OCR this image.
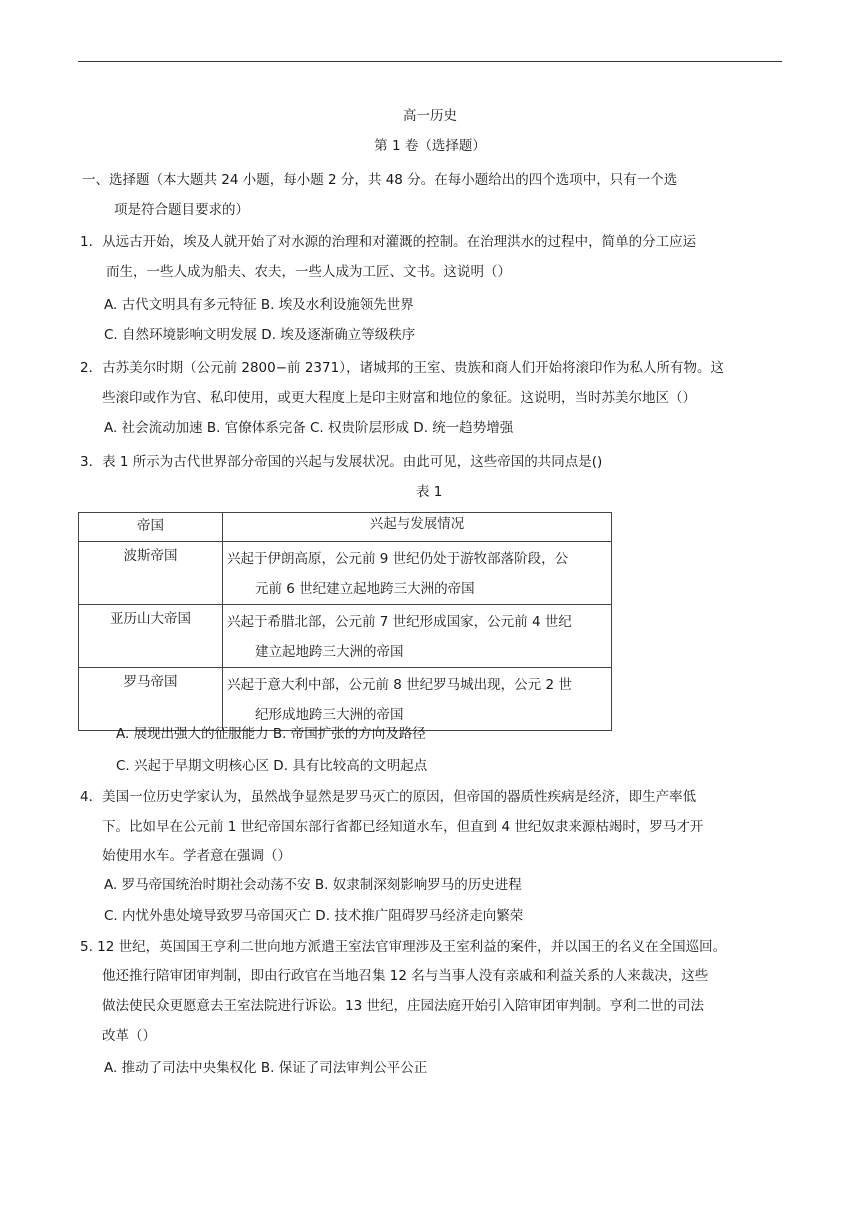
高一历史
第 1 卷（选择题）
一、选择题（本大题共 24 小题，每小题 2 分，共 48 分。在每小题给出的四个选项中，只有一个选
项是符合题目要求的）
1．从远古开始，埃及人就开始了对水源的治理和对灌溉的控制。在治理洪水的过程中，简单的分工应运
而生，一些人成为船夫、农夫，一些人成为工匠、文书。这说明（）
A. 古代文明具有多元特征 B. 埃及水利设施领先世界
C. 自然环境影响文明发展 D. 埃及逐渐确立等级秩序
2．古苏美尔时期（公元前 2800−前 2371），诸城邦的王室、贵族和商人们开始将滚印作为私人所有物。这
些滚印或作为官、私印使用，或更大程度上是印主财富和地位的象征。这说明，当时苏美尔地区（）
A. 社会流动加速 B. 官僚体系完备 C. 权贵阶层形成 D. 统一趋势增强
3．表 1 所示为古代世界部分帝国的兴起与发展状况。由此可见，这些帝国的共同点是()
表 1
帝国	兴起与发展情况
波斯帝国	兴起于伊朗高原，公元前 9 世纪仍处于游牧部落阶段，公
元前 6 世纪建立起地跨三大洲的帝国

亚历山大帝国	兴起于希腊北部，公元前 7 世纪形成国家，公元前 4 世纪
建立起地跨三大洲的帝国

罗马帝国	兴起于意大利中部，公元前 8 世纪罗马城出现，公元 2 世
纪形成地跨三大洲的帝国
A. 展现出强大的征服能力 B. 帝国扩张的方向及路径
C. 兴起于早期文明核心区 D. 具有比较高的文明起点
4．美国一位历史学家认为，虽然战争显然是罗马灭亡的原因，但帝国的器质性疾病是经济，即生产率低
下。比如早在公元前 1 世纪帝国东部行省都已经知道水车，但直到 4 世纪奴隶来源枯竭时，罗马才开
始使用水车。学者意在强调（）
A. 罗马帝国统治时期社会动荡不安 B. 奴隶制深刻影响罗马的历史进程
C. 内忧外患处境导致罗马帝国灭亡 D. 技术推广阻碍罗马经济走向繁荣
5. 12 世纪，英国国王亨利二世向地方派遣王室法官审理涉及王室利益的案件，并以国王的名义在全国巡回。
他还推行陪审团审判制，即由行政官在当地召集 12 名与当事人没有亲戚和利益关系的人来裁决，这些
做法使民众更愿意去王室法院进行诉讼。13 世纪，庄园法庭开始引入陪审团审判制。亨利二世的司法
改革（）
A. 推动了司法中央集权化 B. 保证了司法审判公平公正
